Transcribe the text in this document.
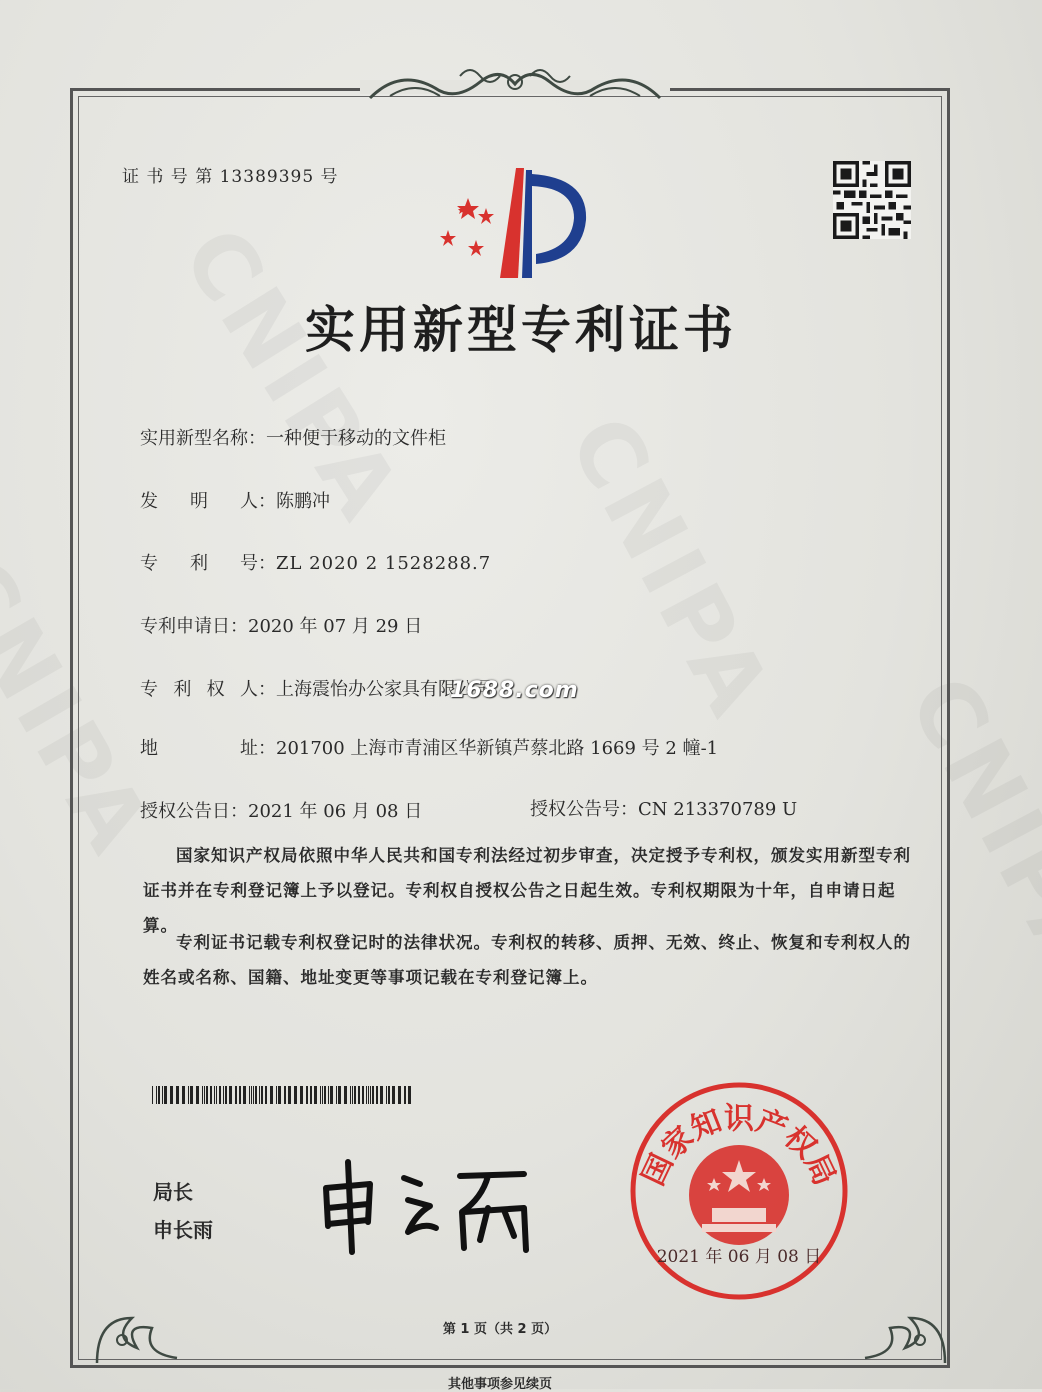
证 书 号 第 13389395 号
实用新型专利证书
实用新型名称：一种便于移动的文件柜
发 明 人 ：陈鹏冲
专 利 号 ：ZL 2020 2 1528288.7
专利申请日：2020 年 07 月 29 日
专 利 权 人 ：上海震怡办公家具有限公司
1688.com
地	址 ：201700 上海市青浦区华新镇芦蔡北路 1669 号 2 幢-1
授权公告日：2021 年 06 月 08 日	授权公告号：CN 213370789 U
国家知识产权局依照中华人民共和国专利法经过初步审查，决定授予专利权，颁发实用新型专利证书并在专利登记簿上予以登记。专利权自授权公告之日起生效。专利权期限为十年，自申请日起算。
专利证书记载专利权登记时的法律状况。专利权的转移、质押、无效、终止、恢复和专利权人的姓名或名称、国籍、地址变更等事项记载在专利登记簿上。
局长
申长雨
国家知识产权局
2021 年 06 月 08 日
第 1 页（共 2 页）
其他事项参见续页
